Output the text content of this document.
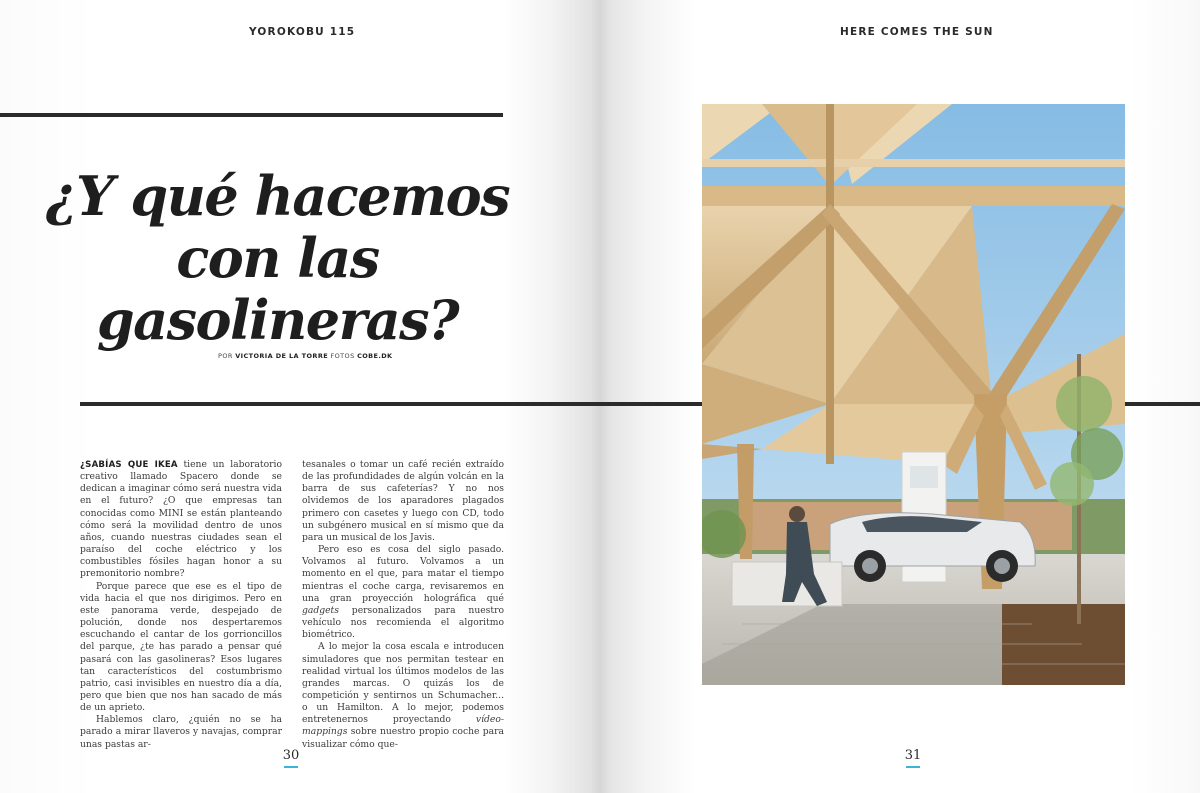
YOROKOBU 115	HERE COMES THE SUN
¿Y qué hacemos
con las
gasolineras?
POR VICTORIA DE LA TORRE FOTOS COBE.DK

¿SABÍAS QUE IKEA tiene un laboratorio creativo llamado Spacero donde se dedican a imaginar cómo será nuestra vida en el futuro? ¿O que empresas tan conocidas como MINI se están planteando cómo será la movilidad dentro de unos años, cuando nuestras ciudades sean el paraíso del coche eléctrico y los combustibles fósiles hagan honor a su premonitorio nombre?

Porque parece que ese es el tipo de vida hacia el que nos dirigimos. Pero en este panorama verde, despejado de polución, donde nos despertaremos escuchando el cantar de los gorrioncillos del parque, ¿te has parado a pensar qué pasará con las gasolineras? Esos lugares tan característicos del costumbrismo patrio, casi invisibles en nuestro día a día, pero que bien que nos han sacado de más de un aprieto.

Hablemos claro, ¿quién no se ha parado a mirar llaveros y navajas, comprar unas pastas ar-

tesanales o tomar un café recién extraído de las profundidades de algún volcán en la barra de sus cafeterías? Y no nos olvidemos de los aparadores plagados primero con casetes y luego con CD, todo un subgénero musical en sí mismo que da para un musical de los Javis.

Pero eso es cosa del siglo pasado. Volvamos al futuro. Volvamos a un momento en el que, para matar el tiempo mientras el coche carga, revisaremos en una gran proyección holográfica qué gadgets personalizados para nuestro vehículo nos recomienda el algoritmo biométrico.

A lo mejor la cosa escala e introducen simuladores que nos permitan testear en realidad virtual los últimos modelos de las grandes marcas. O quizás los de competición y sentirnos un Schumacher... o un Hamilton. A lo mejor, podemos entretenernos proyectando vídeo-mappings sobre nuestro propio coche para visualizar cómo que-

30	31
